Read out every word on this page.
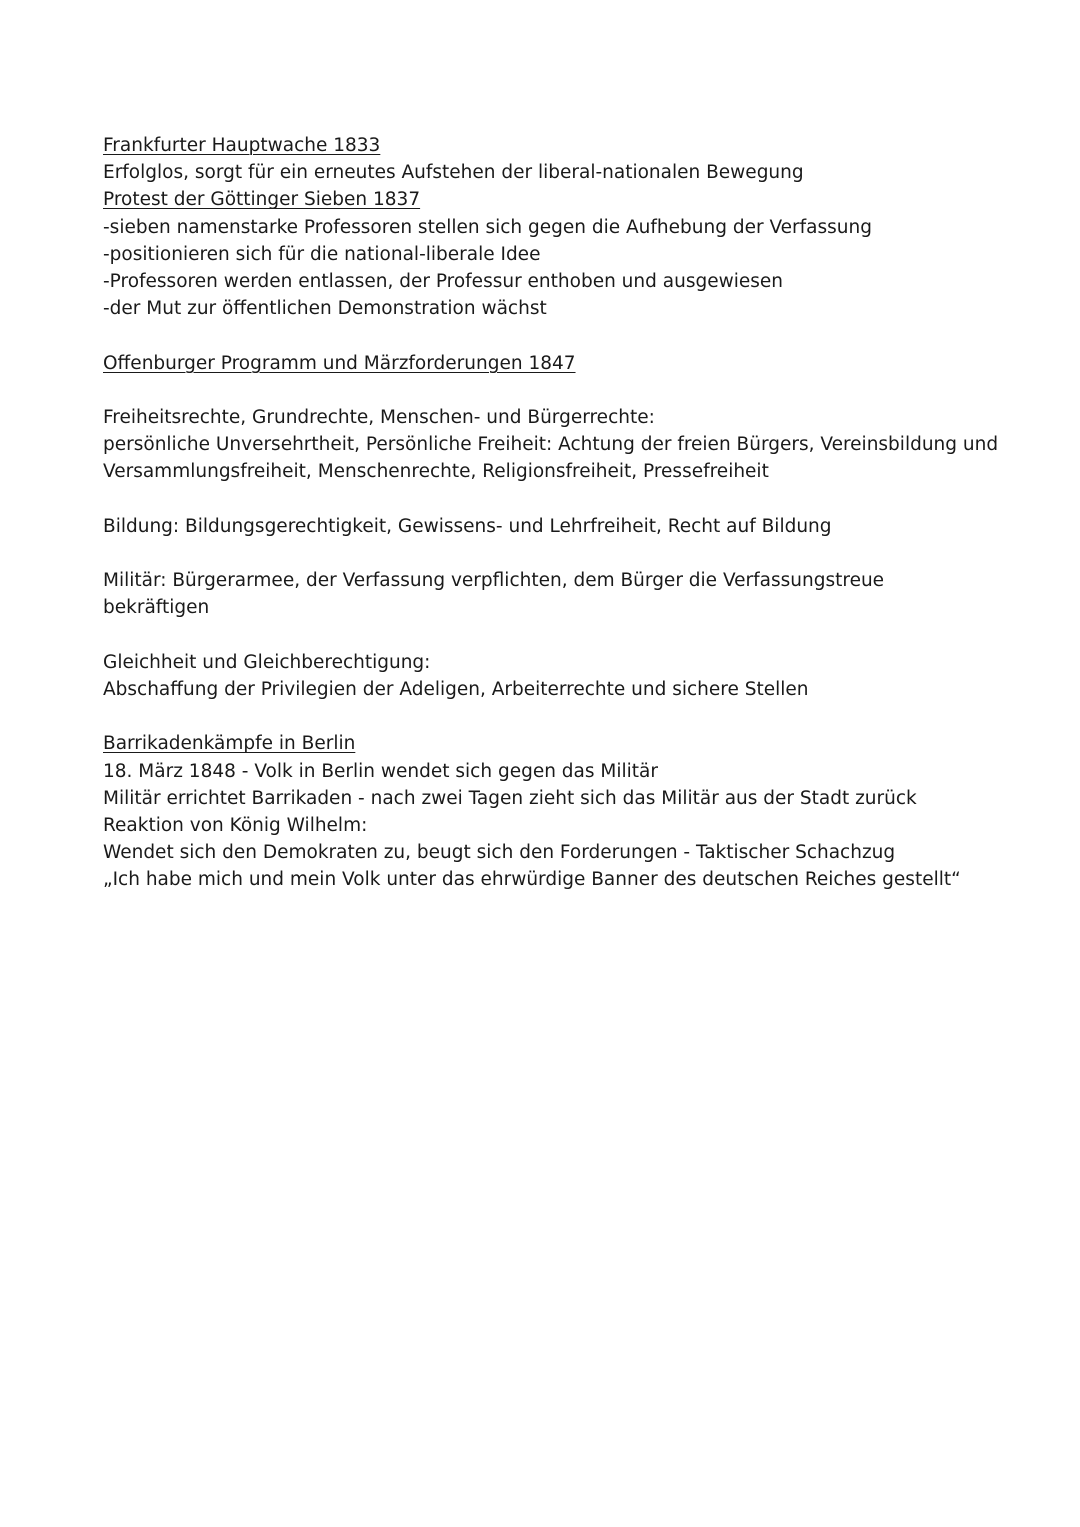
Frankfurter Hauptwache 1833
Erfolglos, sorgt für ein erneutes Aufstehen der liberal-nationalen Bewegung
Protest der Göttinger Sieben 1837
-sieben namenstarke Professoren stellen sich gegen die Aufhebung der Verfassung
-positionieren sich für die national-liberale Idee
-Professoren werden entlassen, der Professur enthoben und ausgewiesen
-der Mut zur öffentlichen Demonstration wächst
Offenburger Programm und Märzforderungen 1847
Freiheitsrechte, Grundrechte, Menschen- und Bürgerrechte:
persönliche Unversehrtheit, Persönliche Freiheit: Achtung der freien Bürgers, Vereinsbildung und
Versammlungsfreiheit, Menschenrechte, Religionsfreiheit, Pressefreiheit
Bildung: Bildungsgerechtigkeit, Gewissens- und Lehrfreiheit, Recht auf Bildung
Militär: Bürgerarmee, der Verfassung verpflichten, dem Bürger die Verfassungstreue
bekräftigen
Gleichheit und Gleichberechtigung:
Abschaffung der Privilegien der Adeligen, Arbeiterrechte und sichere Stellen
Barrikadenkämpfe in Berlin
18. März 1848 - Volk in Berlin wendet sich gegen das Militär
Militär errichtet Barrikaden - nach zwei Tagen zieht sich das Militär aus der Stadt zurück
Reaktion von König Wilhelm:
Wendet sich den Demokraten zu, beugt sich den Forderungen - Taktischer Schachzug
„Ich habe mich und mein Volk unter das ehrwürdige Banner des deutschen Reiches gestellt“
